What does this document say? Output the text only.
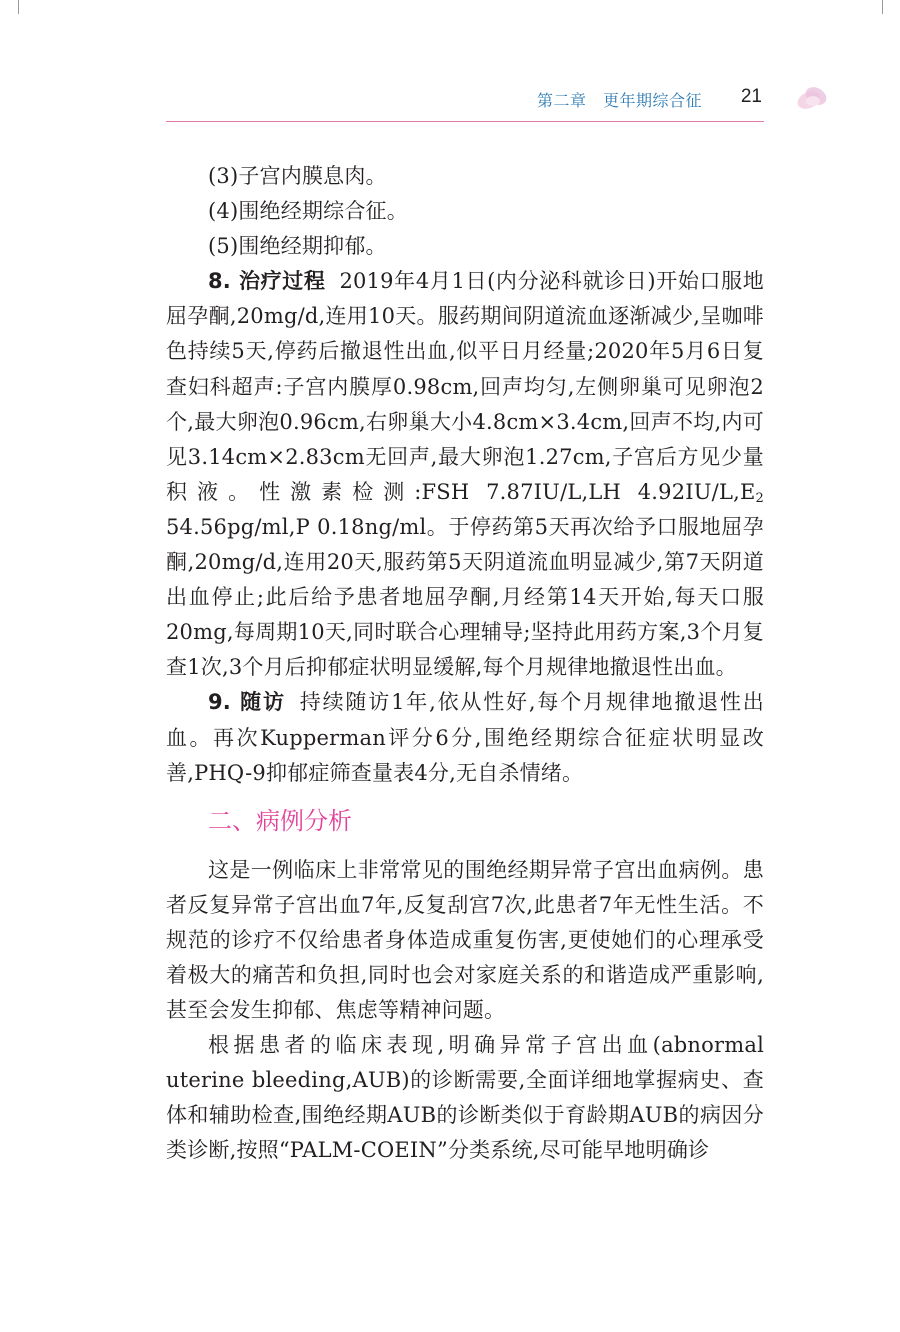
第二章　更年期综合征 21

(3)子宫内膜息肉。

(4)围绝经期综合征。

(5)围绝经期抑郁。

8. 治疗过程 2019年4月1日(内分泌科就诊日)开始口服地屈孕酮,20mg/d,连用10天。服药期间阴道流血逐渐减少,呈咖啡色持续5天,停药后撤退性出血,似平日月经量;2020年5月6日复查妇科超声:子宫内膜厚0.98cm,回声均匀,左侧卵巢可见卵泡2个,最大卵泡0.96cm,右卵巢大小4.8cm×3.4cm,回声不均,内可见3.14cm×2.83cm无回声,最大卵泡1.27cm,子宫后方见少量积液。性激素检测:FSH 7.87IU/L,LH $4.92IU/L,E_2$ 54.56pg/ml,P 0.18ng/ml。于停药第5天再次给予口服地屈孕酮,20mg/d,连用20天,服药第5天阴道流血明显减少,第7天阴道出血停止;此后给予患者地屈孕酮,月经第14天开始,每天口服20mg,每周期10天,同时联合心理辅导;坚持此用药方案,3个月复查1次,3个月后抑郁症状明显缓解,每个月规律地撤退性出血。

9. 随访 持续随访1年,依从性好,每个月规律地撤退性出血。再次Kupperman评分6分,围绝经期综合征症状明显改善,PHQ-9抑郁症筛查量表4分,无自杀情绪。

二、病例分析

这是一例临床上非常常见的围绝经期异常子宫出血病例。患者反复异常子宫出血7年,反复刮宫7次,此患者7年无性生活。不规范的诊疗不仅给患者身体造成重复伤害,更使她们的心理承受着极大的痛苦和负担,同时也会对家庭关系的和谐造成严重影响,甚至会发生抑郁、焦虑等精神问题。

根据患者的临床表现,明确异常子宫出血(abnormal uterine bleeding,AUB)的诊断需要,全面详细地掌握病史、查体和辅助检查,围绝经期AUB的诊断类似于育龄期AUB的病因分类诊断,按照“PALM-COEIN”分类系统,尽可能早地明确诊
